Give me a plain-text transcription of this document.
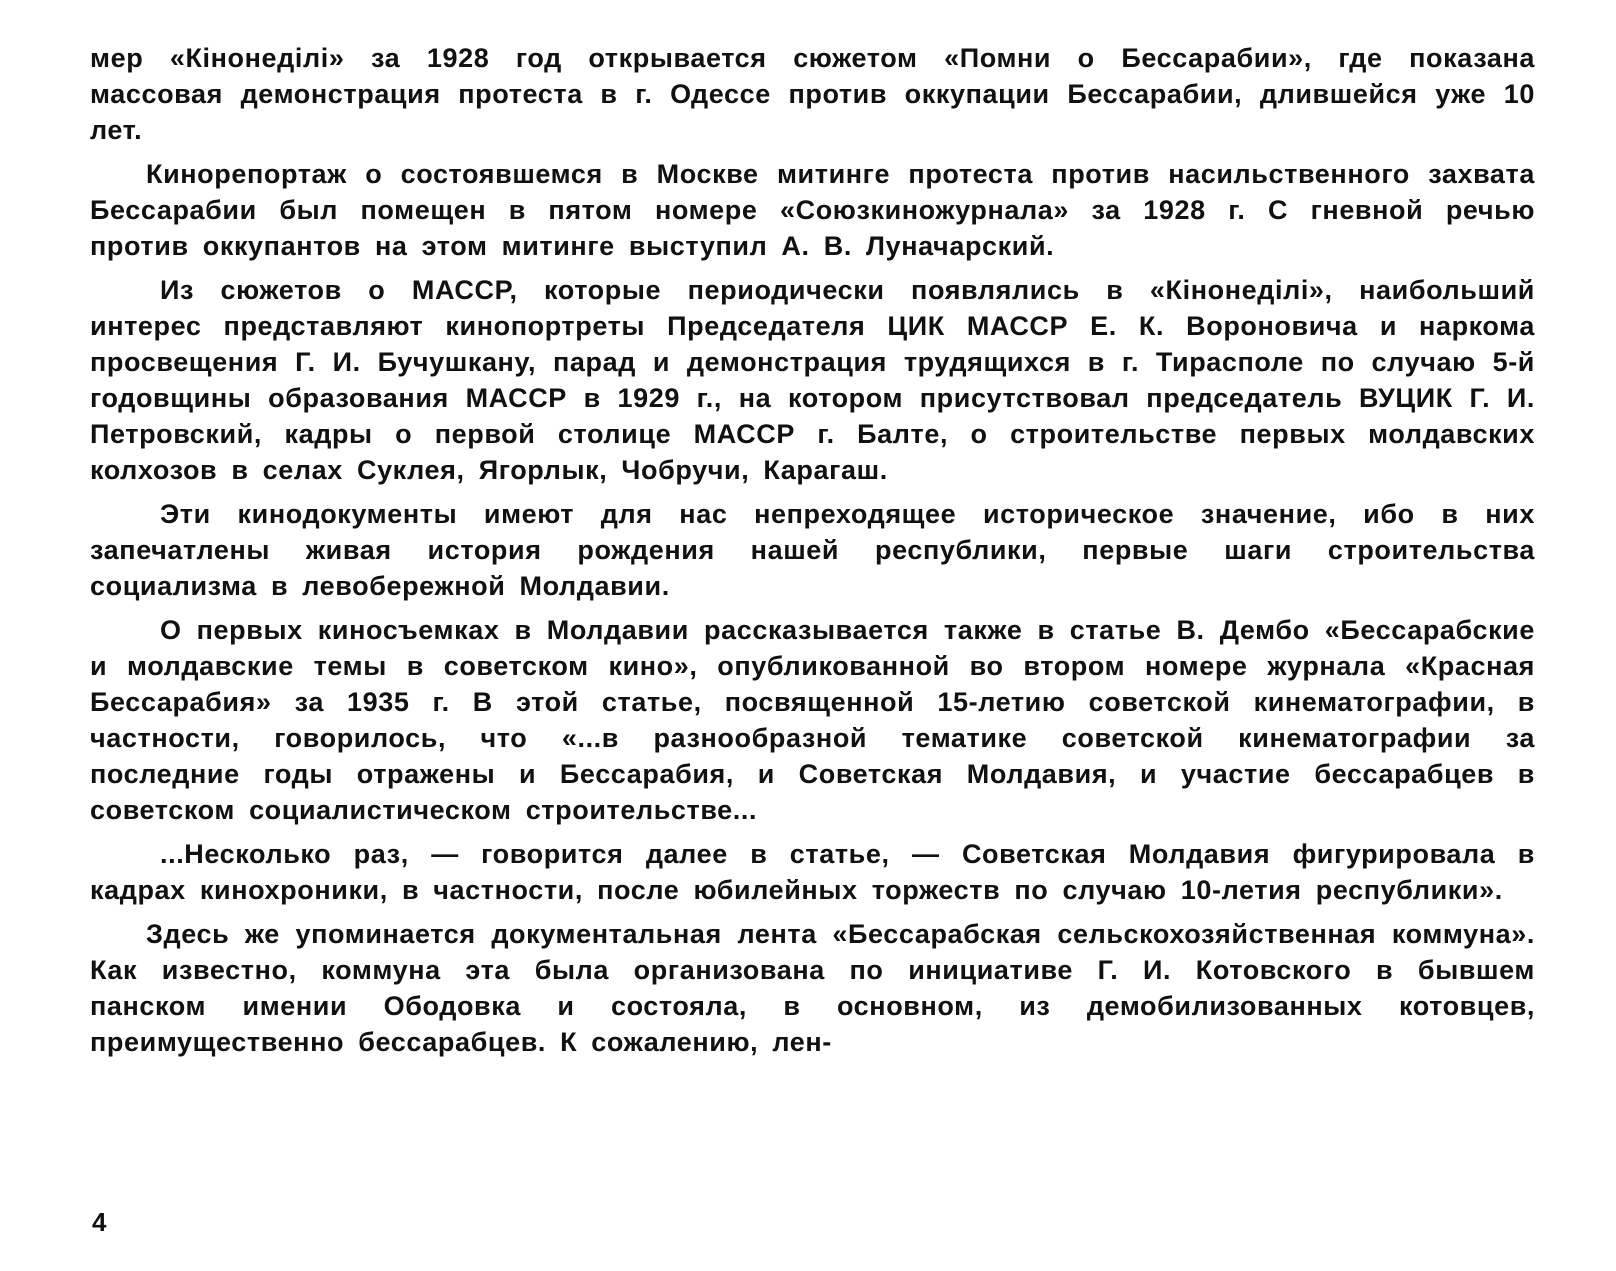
мер «Кінонеділі» за 1928 год открывается сюжетом «Помни о Бессарабии», где показана массовая демонстрация протеста в г. Одессе против оккупации Бессарабии, длившейся уже 10 лет.

Кинорепортаж о состоявшемся в Москве митинге протеста против насильственного захвата Бессарабии был помещен в пятом номере «Союзкиножурнала» за 1928 г. С гневной речью против оккупантов на этом митинге выступил А. В. Луначарский.

Из сюжетов о МАССР, которые периодически появлялись в «Кінонеділі», наибольший интерес представляют кинопортреты Председателя ЦИК МАССР Е. К. Вороновича и наркома просвещения Г. И. Бучушкану, парад и демонстрация трудящихся в г. Тирасполе по случаю 5-й годовщины образования МАССР в 1929 г., на котором присутствовал председатель ВУЦИК Г. И. Петровский, кадры о первой столице МАССР г. Балте, о строительстве первых молдавских колхозов в селах Суклея, Ягорлык, Чобручи, Карагаш.

Эти кинодокументы имеют для нас непреходящее историческое значение, ибо в них запечатлены живая история рождения нашей республики, первые шаги строительства социализма в левобережной Молдавии.

О первых киносъемках в Молдавии рассказывается также в статье В. Дембо «Бессарабские и молдавские темы в советском кино», опубликованной во втором номере журнала «Красная Бессарабия» за 1935 г. В этой статье, посвященной 15-летию советской кинематографии, в частности, говорилось, что «...в разнообразной тематике советской кинематографии за последние годы отражены и Бессарабия, и Советская Молдавия, и участие бессарабцев в советском социалистическом строительстве...

...Несколько раз, — говорится далее в статье, — Советская Молдавия фигурировала в кадрах кинохроники, в частности, после юбилейных торжеств по случаю 10-летия республики».

Здесь же упоминается документальная лента «Бессарабская сельскохозяйственная коммуна». Как известно, коммуна эта была организована по инициативе Г. И. Котовского в бывшем панском имении Ободовка и состояла, в основном, из демобилизованных котовцев, преимущественно бессарабцев. К сожалению, лен-

4
